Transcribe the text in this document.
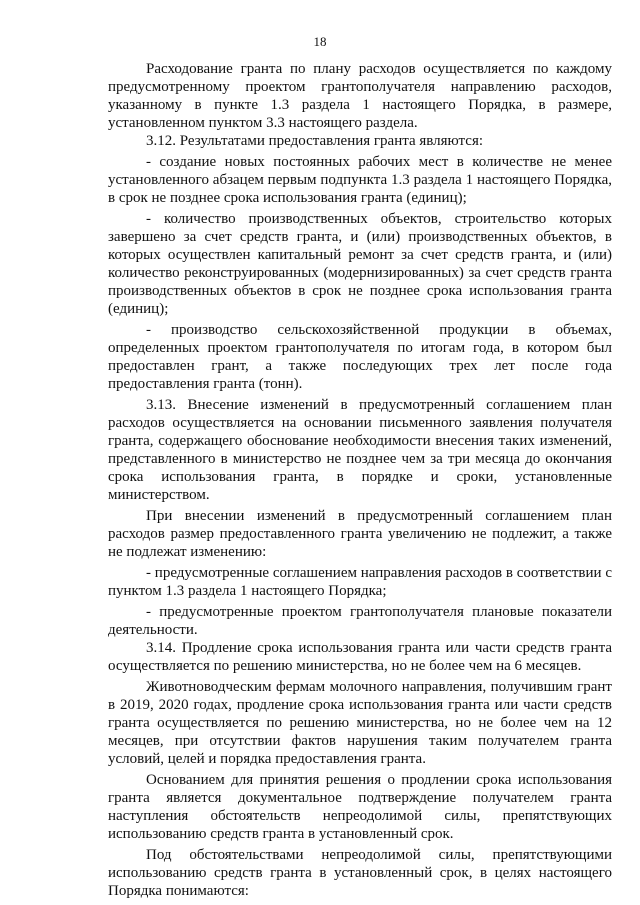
18

Расходование гранта по плану расходов осуществляется по каждому предусмотренному проектом грантополучателя направлению расходов, указанному в пункте 1.3 раздела 1 настоящего Порядка, в размере, установленном пунктом 3.3 настоящего раздела.

3.12. Результатами предоставления гранта являются:

- создание новых постоянных рабочих мест в количестве не менее установленного абзацем первым подпункта 1.3 раздела 1 настоящего Порядка, в срок не позднее срока использования гранта (единиц);

- количество производственных объектов, строительство которых завершено за счет средств гранта, и (или) производственных объектов, в которых осуществлен капитальный ремонт за счет средств гранта, и (или) количество реконструированных (модернизированных) за счет средств гранта производственных объектов в срок не позднее срока использования гранта (единиц);

- производство сельскохозяйственной продукции в объемах, определенных проектом грантополучателя по итогам года, в котором был предоставлен грант, а также последующих трех лет после года предоставления гранта (тонн).

3.13. Внесение изменений в предусмотренный соглашением план расходов осуществляется на основании письменного заявления получателя гранта, содержащего обоснование необходимости внесения таких изменений, представленного в министерство не позднее чем за три месяца до окончания срока использования гранта, в порядке и сроки, установленные министерством.

При внесении изменений в предусмотренный соглашением план расходов размер предоставленного гранта увеличению не подлежит, а также не подлежат изменению:

- предусмотренные соглашением направления расходов в соответствии с пунктом 1.3 раздела 1 настоящего Порядка;

- предусмотренные проектом грантополучателя плановые показатели деятельности.

3.14. Продление срока использования гранта или части средств гранта осуществляется по решению министерства, но не более чем на 6 месяцев.

Животноводческим фермам молочного направления, получившим грант в 2019, 2020 годах, продление срока использования гранта или части средств гранта осуществляется по решению министерства, но не более чем на 12 месяцев, при отсутствии фактов нарушения таким получателем гранта условий, целей и порядка предоставления гранта.

Основанием для принятия решения о продлении срока использования гранта является документальное подтверждение получателем гранта наступления обстоятельств непреодолимой силы, препятствующих использованию средств гранта в установленный срок.

Под обстоятельствами непреодолимой силы, препятствующими использованию средств гранта в установленный срок, в целях настоящего Порядка понимаются:
